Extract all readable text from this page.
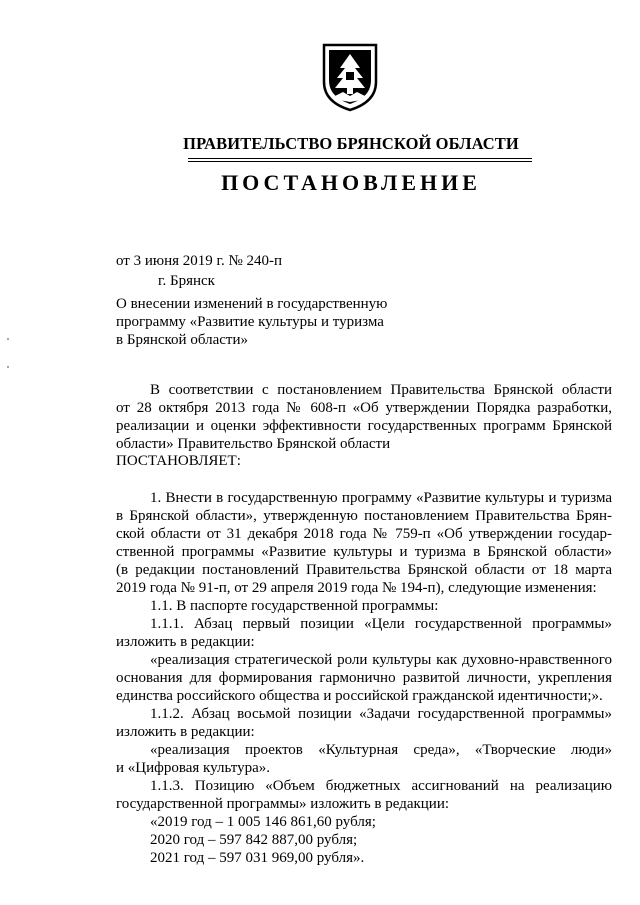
ПРАВИТЕЛЬСТВО БРЯНСКОЙ ОБЛАСТИ
ПОСТАНОВЛЕНИЕ
от 3 июня 2019 г. № 240-п
г. Брянск
О внесении изменений в государственную
программу «Развитие культуры и туризма
в Брянской области»
В соответствии с постановлением Правительства Брянской области
от 28 октября 2013 года № 608-п «Об утверждении Порядка разработки,
реализации и оценки эффективности государственных программ Брянской
области» Правительство Брянской области
ПОСТАНОВЛЯЕТ:
1. Внести в государственную программу «Развитие культуры и туризма
в Брянской области», утвержденную постановлением Правительства Брян-
ской области от 31 декабря 2018 года № 759-п «Об утверждении государ-
ственной программы «Развитие культуры и туризма в Брянской области»
(в редакции постановлений Правительства Брянской области от 18 марта
2019 года № 91-п, от 29 апреля 2019 года № 194-п), следующие изменения:
1.1. В паспорте государственной программы:
1.1.1. Абзац первый позиции «Цели государственной программы»
изложить в редакции:
«реализация стратегической роли культуры как духовно-нравственного
основания для формирования гармонично развитой личности, укрепления
единства российского общества и российской гражданской идентичности;».
1.1.2. Абзац восьмой позиции «Задачи государственной программы»
изложить в редакции:
«реализация проектов «Культурная среда», «Творческие люди»
и «Цифровая культура».
1.1.3. Позицию «Объем бюджетных ассигнований на реализацию
государственной программы» изложить в редакции:
«2019 год – 1 005 146 861,60 рубля;
2020 год – 597 842 887,00 рубля;
2021 год – 597 031 969,00 рубля».
